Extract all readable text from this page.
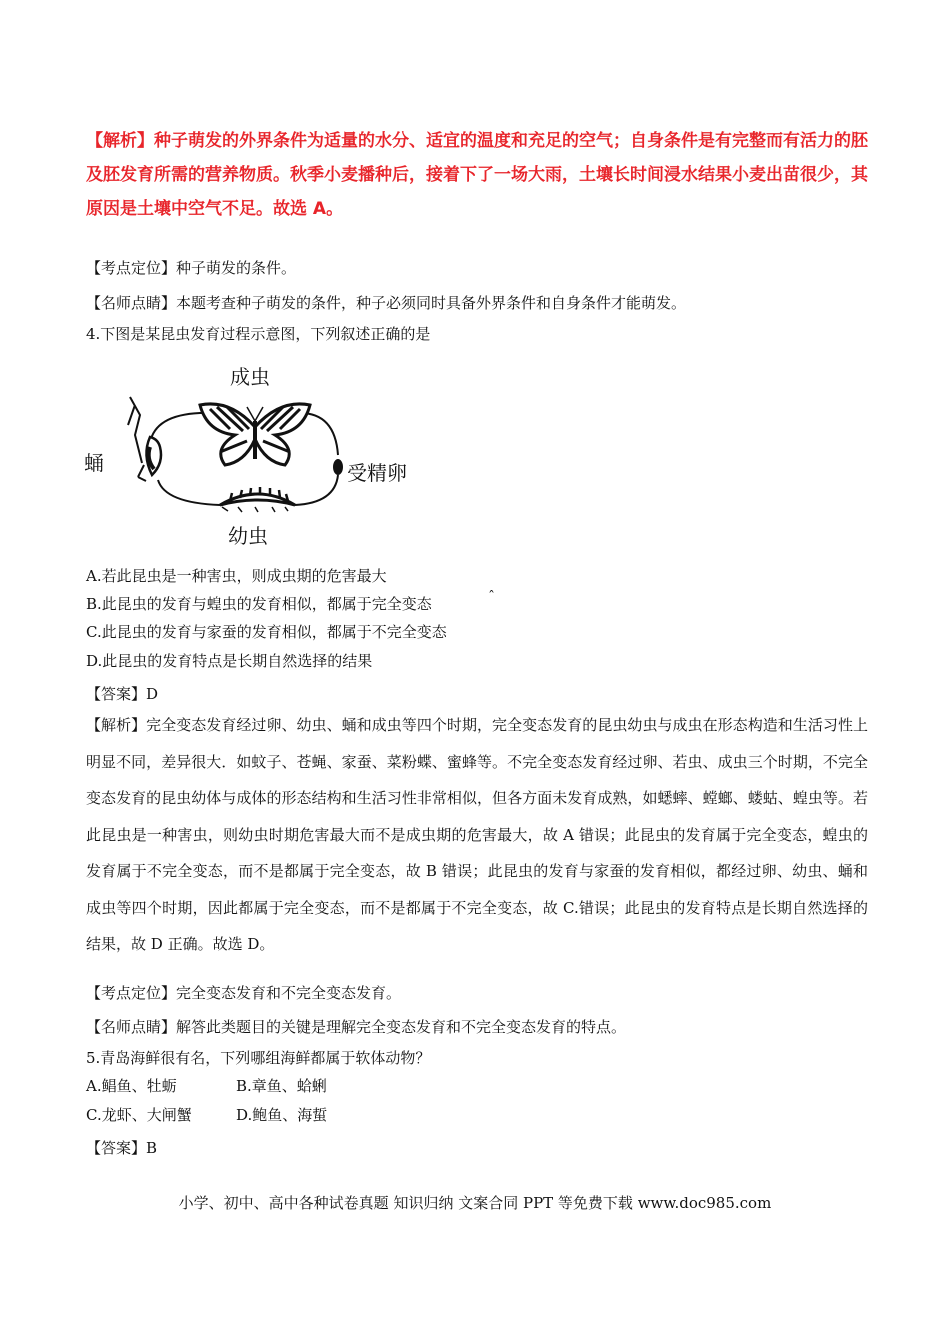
【解析】种子萌发的外界条件为适量的水分、适宜的温度和充足的空气；自身条件是有完整而有活力的胚及胚发育所需的营养物质。秋季小麦播种后，接着下了一场大雨，土壤长时间浸水结果小麦出苗很少，其原因是土壤中空气不足。故选 A。
【考点定位】种子萌发的条件。
【名师点睛】本题考查种子萌发的条件，种子必须同时具备外界条件和自身条件才能萌发。
4.下图是某昆虫发育过程示意图，下列叙述正确的是
成虫
蛹	受精卵
幼虫
A.若此昆虫是一种害虫，则成虫期的危害最大
B.此昆虫的发育与蝗虫的发育相似，都属于完全变态	ˆ
C.此昆虫的发育与家蚕的发育相似，都属于不完全变态
D.此昆虫的发育特点是长期自然选择的结果
【答案】D
【解析】完全变态发育经过卵、幼虫、蛹和成虫等四个时期，完全变态发育的昆虫幼虫与成虫在形态构造和生活习性上明显不同，差异很大．如蚊子、苍蝇、家蚕、菜粉蝶、蜜蜂等。不完全变态发育经过卵、若虫、成虫三个时期，不完全变态发育的昆虫幼体与成体的形态结构和生活习性非常相似，但各方面未发育成熟，如蟋蟀、螳螂、蝼蛄、蝗虫等。若此昆虫是一种害虫，则幼虫时期危害最大而不是成虫期的危害最大，故 A 错误；此昆虫的发育属于完全变态，蝗虫的发育属于不完全变态，而不是都属于完全变态，故 B 错误；此昆虫的发育与家蚕的发育相似，都经过卵、幼虫、蛹和成虫等四个时期，因此都属于完全变态，而不是都属于不完全变态，故 C.错误；此昆虫的发育特点是长期自然选择的结果，故 D 正确。故选 D。
【考点定位】完全变态发育和不完全变态发育。
【名师点睛】解答此类题目的关键是理解完全变态发育和不完全变态发育的特点。
5.青岛海鲜很有名，下列哪组海鲜都属于软体动物？
A.鲳鱼、牡蛎	B.章鱼、蛤蜊
C.龙虾、大闸蟹	D.鲍鱼、海蜇
【答案】B
小学、初中、高中各种试卷真题 知识归纳 文案合同 PPT 等免费下载 www.doc985.com
